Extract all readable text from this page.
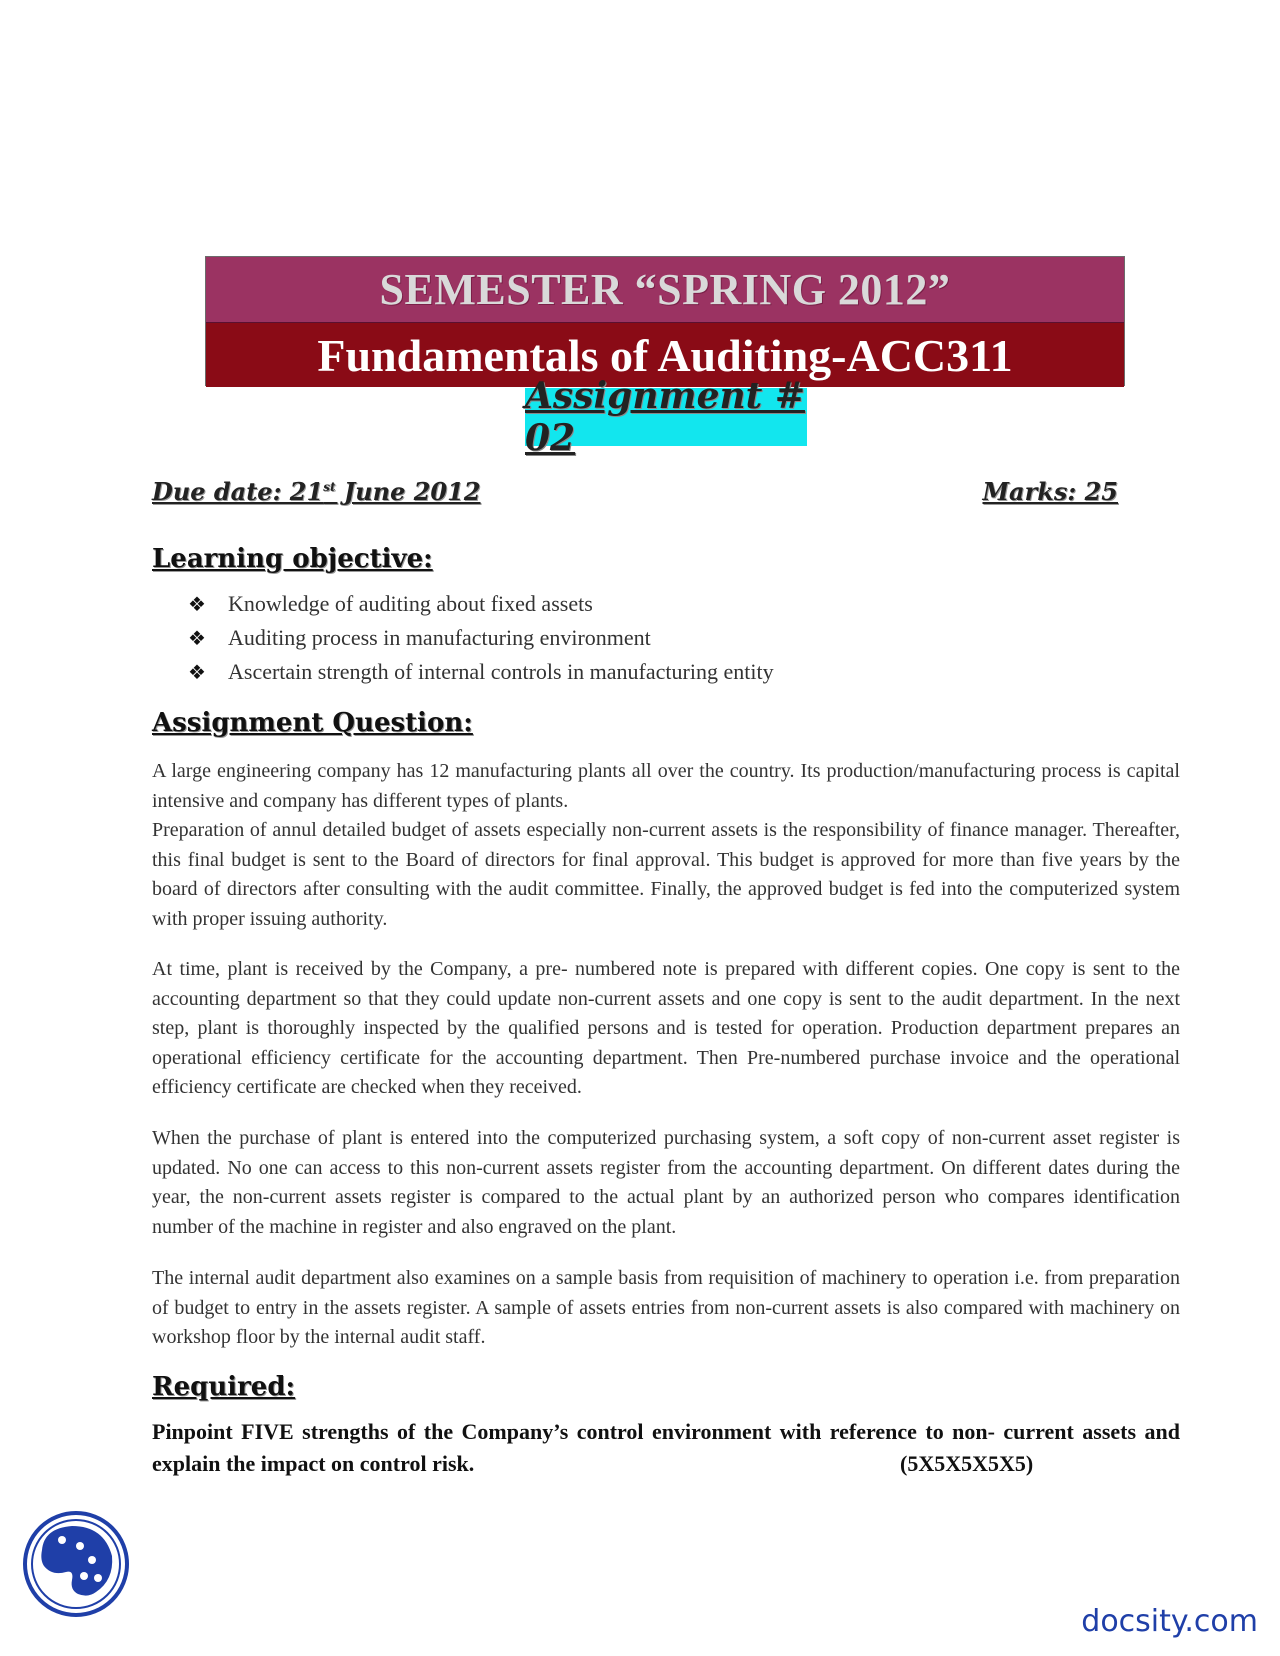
SEMESTER “SPRING 2012”
Fundamentals of Auditing-ACC311
Assignment # 02
Due date: 21st June 2012	Marks: 25
Learning objective:
❖	Knowledge of auditing about fixed assets
❖	Auditing process in manufacturing environment
❖	Ascertain strength of internal controls in manufacturing entity
Assignment Question:

A large engineering company has 12 manufacturing plants all over the country. Its production/manufacturing process is capital intensive and company has different types of plants.

Preparation of annul detailed budget of assets especially non-current assets is the responsibility of finance manager. Thereafter, this final budget is sent to the Board of directors for final approval. This budget is approved for more than five years by the board of directors after consulting with the audit committee. Finally, the approved budget is fed into the computerized system with proper issuing authority.

At time, plant is received by the Company, a pre- numbered note is prepared with different copies. One copy is sent to the accounting department so that they could update non-current assets and one copy is sent to the audit department. In the next step, plant is thoroughly inspected by the qualified persons and is tested for operation. Production department prepares an operational efficiency certificate for the accounting department. Then Pre-numbered purchase invoice and the operational efficiency certificate are checked when they received.

When the purchase of plant is entered into the computerized purchasing system, a soft copy of non-current asset register is updated. No one can access to this non-current assets register from the accounting department. On different dates during the year, the non-current assets register is compared to the actual plant by an authorized person who compares identification number of the machine in register and also engraved on the plant.

The internal audit department also examines on a sample basis from requisition of machinery to operation i.e. from preparation of budget to entry in the assets register. A sample of assets entries from non-current assets is also compared with machinery on workshop floor by the internal audit staff.

Required:
Pinpoint FIVE strengths of the Company’s control environment with reference to non- current assets and explain the impact on control risk.	(5X5X5X5X5)
docsity.com
